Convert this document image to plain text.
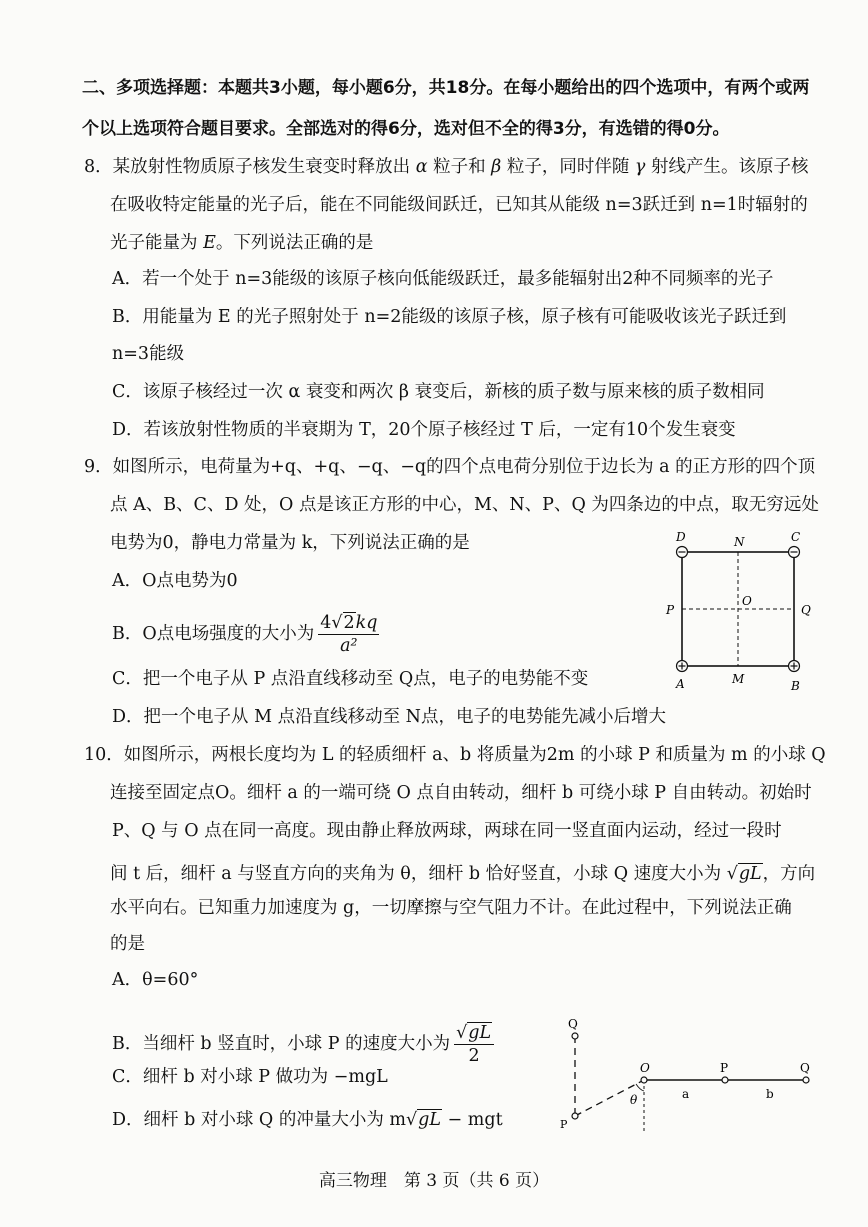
二、多项选择题：本题共3小题，每小题6分，共18分。在每小题给出的四个选项中，有两个或两
个以上选项符合题目要求。全部选对的得6分，选对但不全的得3分，有选错的得0分。
8．某放射性物质原子核发生衰变时释放出 α 粒子和 β 粒子，同时伴随 γ 射线产生。该原子核
在吸收特定能量的光子后，能在不同能级间跃迁，已知其从能级 n=3跃迁到 n=1时辐射的
光子能量为 E。下列说法正确的是
A．若一个处于 n=3能级的该原子核向低能级跃迁，最多能辐射出2种不同频率的光子
B．用能量为 E 的光子照射处于 n=2能级的该原子核，原子核有可能吸收该光子跃迁到
n=3能级
C．该原子核经过一次 α 衰变和两次 β 衰变后，新核的质子数与原来核的质子数相同
D．若该放射性物质的半衰期为 T，20个原子核经过 T 后，一定有10个发生衰变
9．如图所示，电荷量为+q、+q、−q、−q的四个点电荷分别位于边长为 a 的正方形的四个顶
点 A、B、C、D 处，O 点是该正方形的中心，M、N、P、Q 为四条边的中点，取无穷远处
电势为0，静电力常量为 k，下列说法正确的是
A．O点电势为0
B．O点电场强度的大小为 $\frac{4√2kq}{\text{a²}}$
C．把一个电子从 P 点沿直线移动至 Q点，电子的电势能不变
D．把一个电子从 M 点沿直线移动至 N点，电子的电势能先减小后增大
D	C
N
P	Q
O
A	M	B
10．如图所示，两根长度均为 L 的轻质细杆 a、b 将质量为2m 的小球 P 和质量为 m 的小球 Q
连接至固定点O。细杆 a 的一端可绕 O 点自由转动，细杆 b 可绕小球 P 自由转动。初始时
P、Q 与 O 点在同一高度。现由静止释放两球，两球在同一竖直面内运动，经过一段时
间 t 后，细杆 a 与竖直方向的夹角为 θ，细杆 b 恰好竖直，小球 Q 速度大小为 √gL，方向
水平向右。已知重力加速度为 g，一切摩擦与空气阻力不计。在此过程中，下列说法正确
的是
A．θ=60°
B．当细杆 b 竖直时，小球 P 的速度大小为 $\frac{√gL}{2}$
C．细杆 b 对小球 P 做功为 −mgL
D．细杆 b 对小球 Q 的冲量大小为 m√gL − mgt
Q
P
θ
O	P	Q
a	b
高三物理　第 3 页（共 6 页）
